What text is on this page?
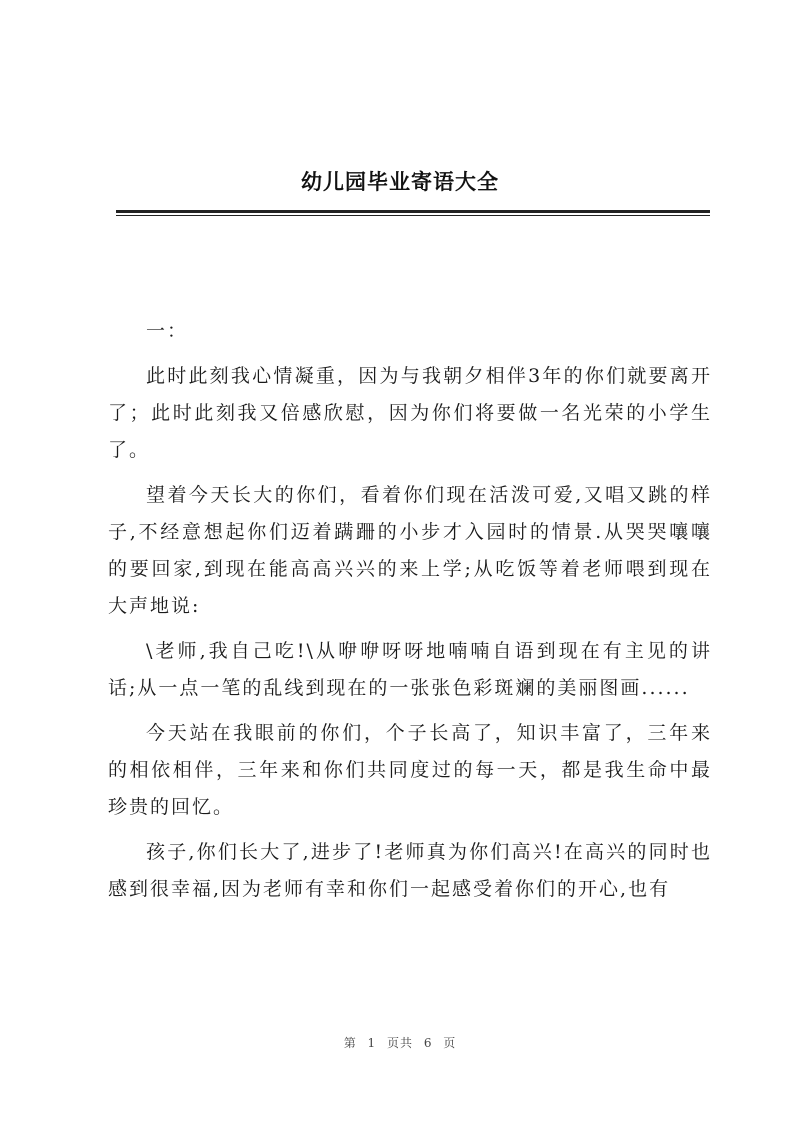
幼儿园毕业寄语大全

一：

此时此刻我心情凝重，因为与我朝夕相伴3年的你们就要离开了；此时此刻我又倍感欣慰，因为你们将要做一名光荣的小学生了。

望着今天长大的你们，看着你们现在活泼可爱,又唱又跳的样子,不经意想起你们迈着蹒跚的小步才入园时的情景.从哭哭嚷嚷的要回家,到现在能高高兴兴的来上学;从吃饭等着老师喂到现在大声地说:

\老师,我自己吃!\从咿咿呀呀地喃喃自语到现在有主见的讲话;从一点一笔的乱线到现在的一张张色彩斑斓的美丽图画......

今天站在我眼前的你们，个子长高了，知识丰富了，三年来的相依相伴，三年来和你们共同度过的每一天，都是我生命中最珍贵的回忆。

孩子,你们长大了,进步了!老师真为你们高兴!在高兴的同时也感到很幸福,因为老师有幸和你们一起感受着你们的开心,也有

第 1 页共 6 页
